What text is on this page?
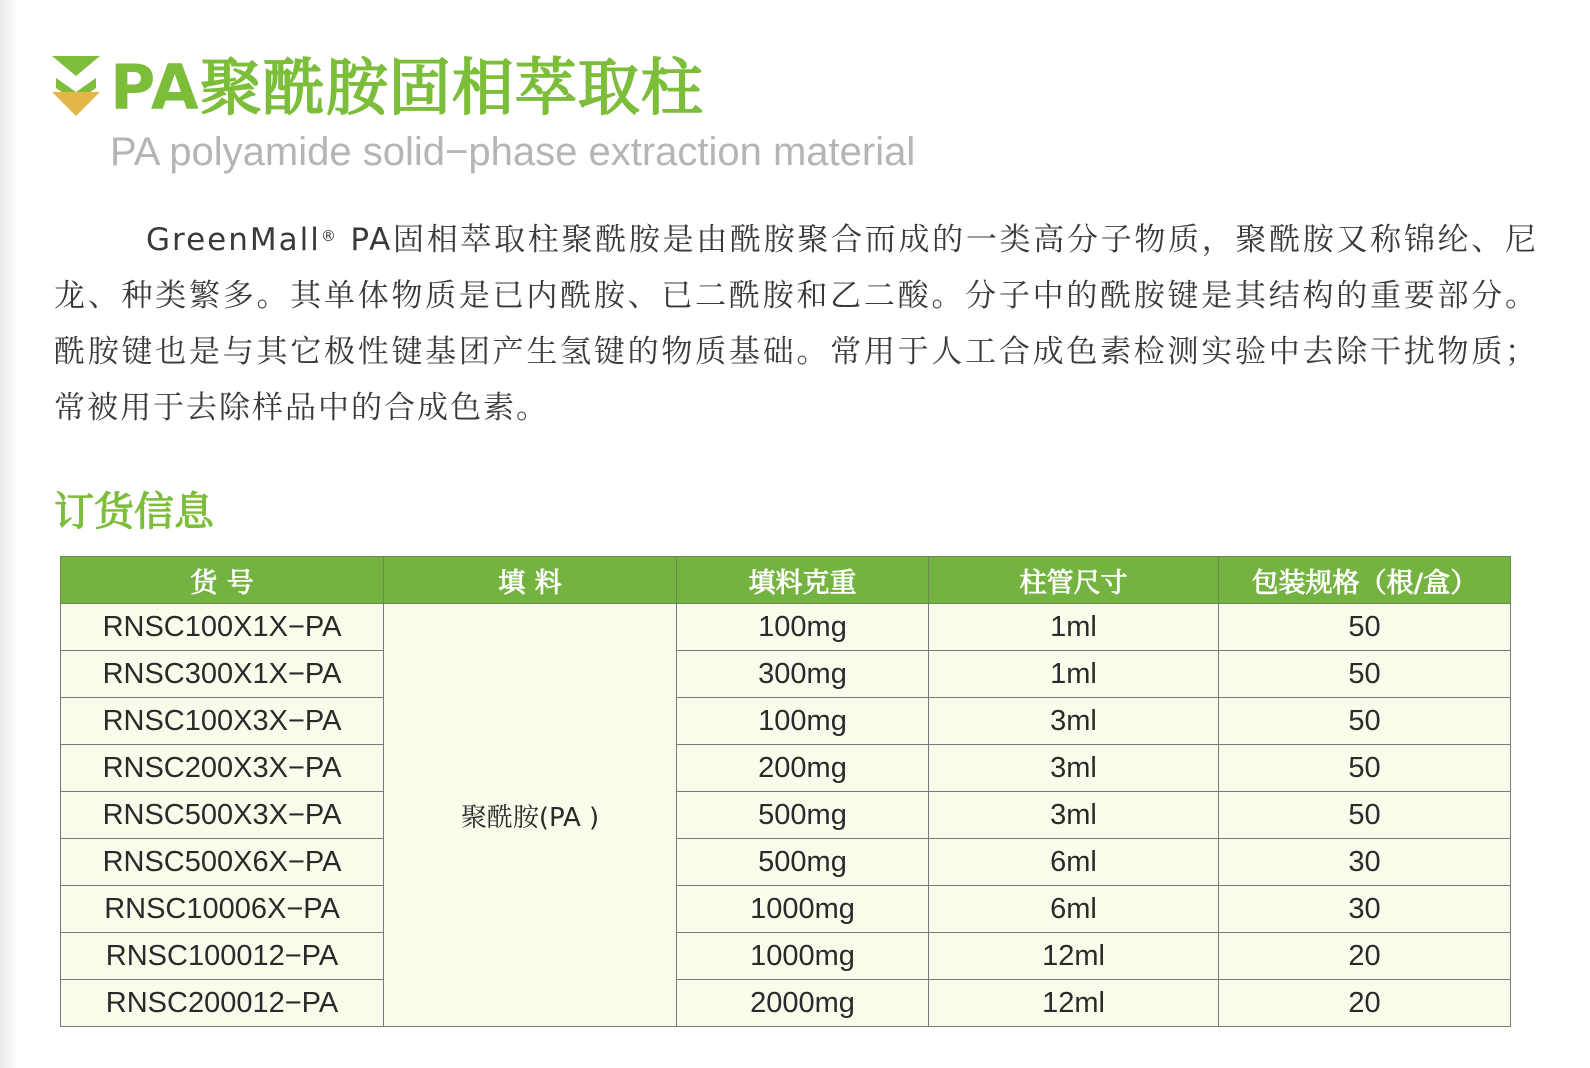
PA聚酰胺固相萃取柱

PA polyamide solid−phase extraction material

GreenMall® PA固相萃取柱聚酰胺是由酰胺聚合而成的一类高分子物质，聚酰胺又称锦纶、尼龙、种类繁多。其单体物质是已内酰胺、已二酰胺和乙二酸。分子中的酰胺键是其结构的重要部分。酰胺键也是与其它极性键基团产生氢键的物质基础。常用于人工合成色素检测实验中去除干扰物质；常被用于去除样品中的合成色素。

订货信息
货 号	填 料	填料克重	柱管尺寸	包装规格（根/盒）
RNSC100X1X−PA	聚酰胺(PA )	100mg	1ml	50
RNSC300X1X−PA		300mg	1ml	50
RNSC100X3X−PA		100mg	3ml	50
RNSC200X3X−PA		200mg	3ml	50
RNSC500X3X−PA		500mg	3ml	50
RNSC500X6X−PA		500mg	6ml	30
RNSC10006X−PA		1000mg	6ml	30
RNSC100012−PA		1000mg	12ml	20
RNSC200012−PA		2000mg	12ml	20
